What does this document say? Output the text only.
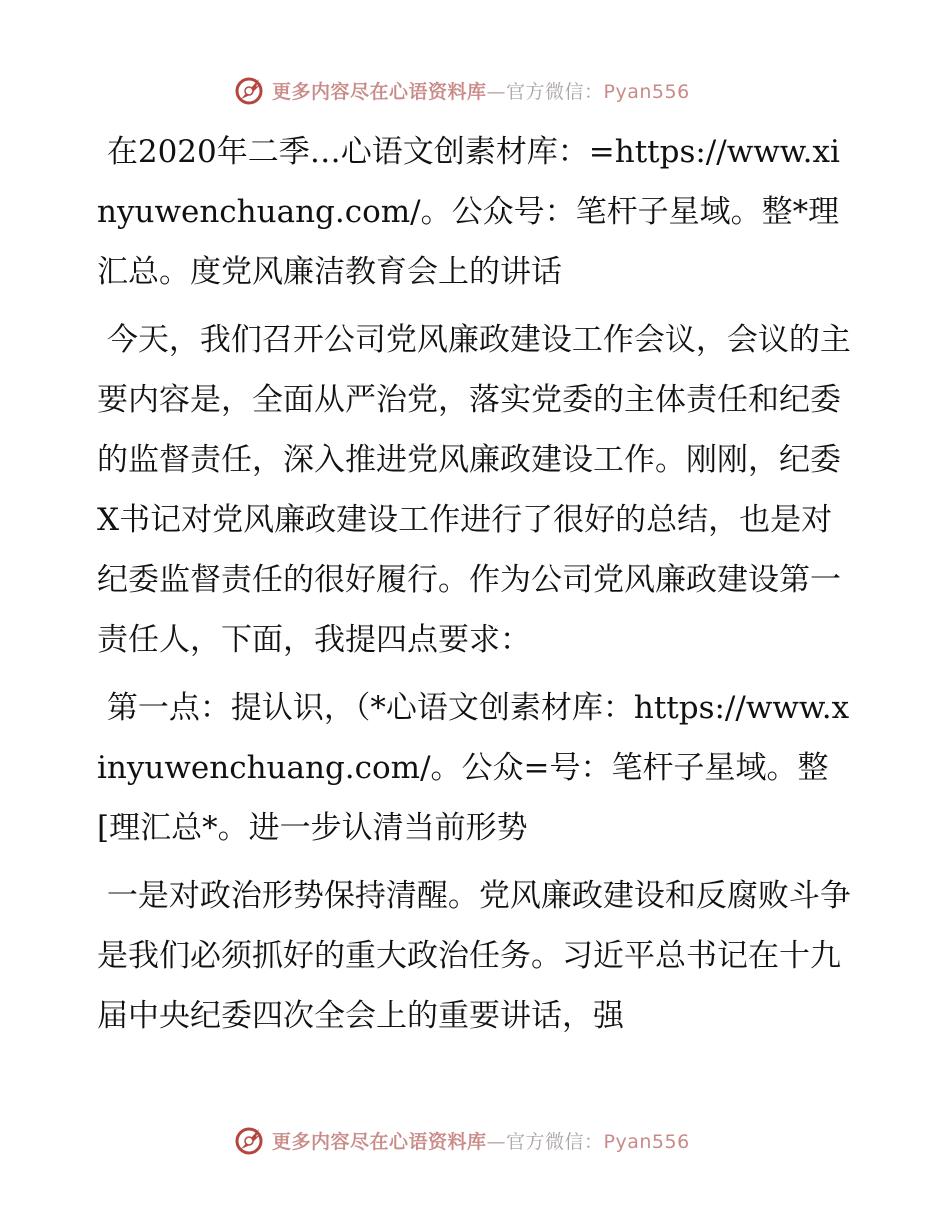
更多内容尽在心语资料库—官方微信：Pyan556

在2020年二季…心语文创素材库：=https://www.xinyuwenchuang.com/。公众号：笔杆子星域。整*理汇总。度党风廉洁教育会上的讲话

今天，我们召开公司党风廉政建设工作会议，会议的主要内容是，全面从严治党，落实党委的主体责任和纪委的监督责任，深入推进党风廉政建设工作。刚刚，纪委X书记对党风廉政建设工作进行了很好的总结，也是对纪委监督责任的很好履行。作为公司党风廉政建设第一责任人，下面，我提四点要求：

第一点：提认识，（*心语文创素材库：https://www.xinyuwenchuang.com/。公众=号：笔杆子星域。整[理汇总*。进一步认清当前形势

一是对政治形势保持清醒。党风廉政建设和反腐败斗争是我们必须抓好的重大政治任务。习近平总书记在十九届中央纪委四次全会上的重要讲话，强

更多内容尽在心语资料库—官方微信：Pyan556
